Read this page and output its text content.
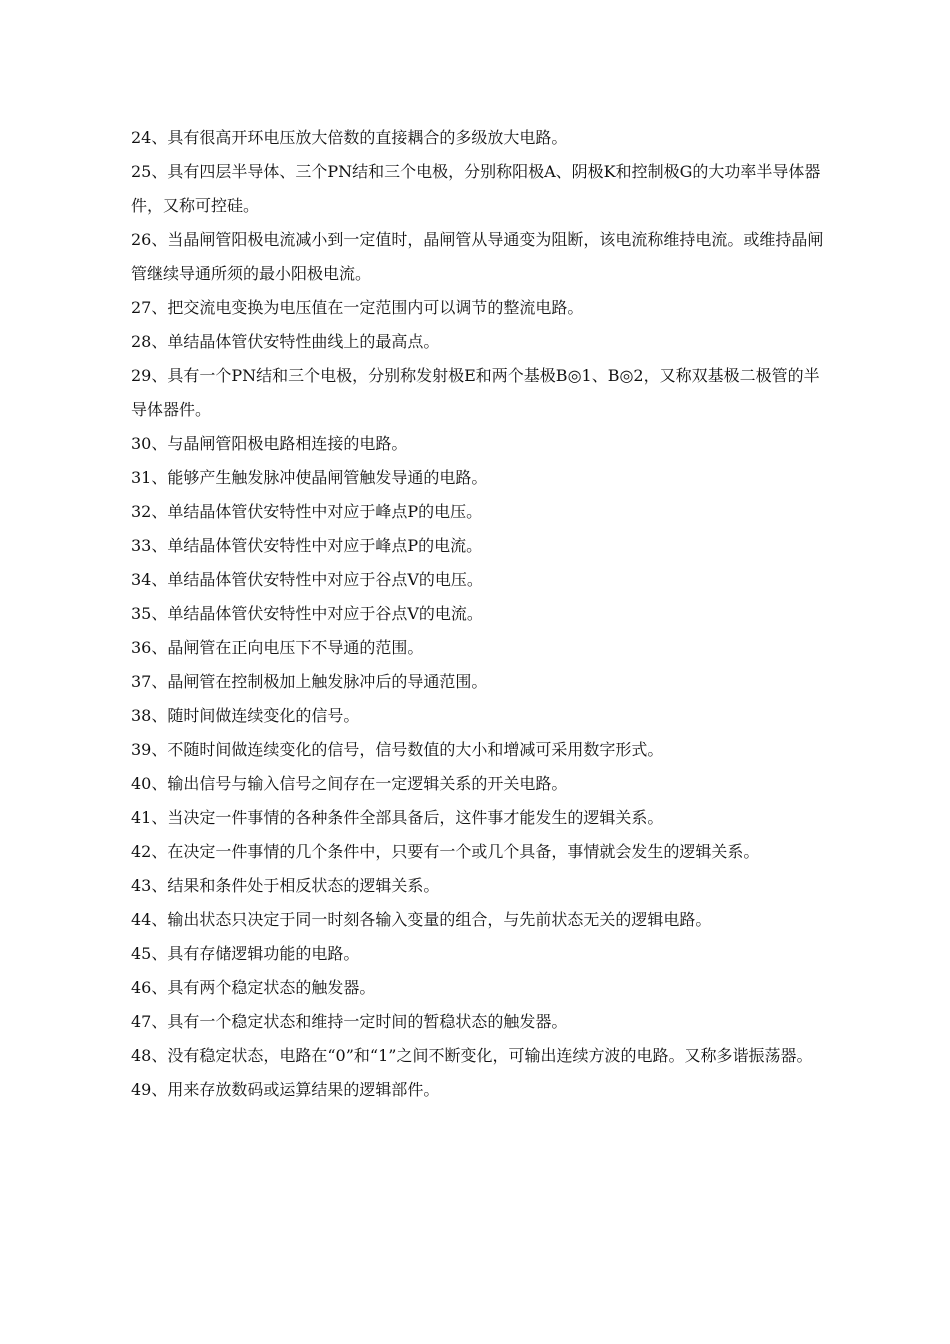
24、具有很高开环电压放大倍数的直接耦合的多级放大电路。

25、具有四层半导体、三个PN结和三个电极，分别称阳极A、阴极K和控制极G的大功率半导体器件，又称可控硅。

26、当晶闸管阳极电流减小到一定值时，晶闸管从导通变为阻断，该电流称维持电流。或维持晶闸管继续导通所须的最小阳极电流。

27、把交流电变换为电压值在一定范围内可以调节的整流电路。

28、单结晶体管伏安特性曲线上的最高点。

29、具有一个PN结和三个电极，分别称发射极E和两个基极B◎1、B◎2，又称双基极二极管的半导体器件。

30、与晶闸管阳极电路相连接的电路。

31、能够产生触发脉冲使晶闸管触发导通的电路。

32、单结晶体管伏安特性中对应于峰点P的电压。

33、单结晶体管伏安特性中对应于峰点P的电流。

34、单结晶体管伏安特性中对应于谷点V的电压。

35、单结晶体管伏安特性中对应于谷点V的电流。

36、晶闸管在正向电压下不导通的范围。

37、晶闸管在控制极加上触发脉冲后的导通范围。

38、随时间做连续变化的信号。

39、不随时间做连续变化的信号，信号数值的大小和增减可采用数字形式。

40、输出信号与输入信号之间存在一定逻辑关系的开关电路。

41、当决定一件事情的各种条件全部具备后，这件事才能发生的逻辑关系。

42、在决定一件事情的几个条件中，只要有一个或几个具备，事情就会发生的逻辑关系。

43、结果和条件处于相反状态的逻辑关系。

44、输出状态只决定于同一时刻各输入变量的组合，与先前状态无关的逻辑电路。

45、具有存储逻辑功能的电路。

46、具有两个稳定状态的触发器。

47、具有一个稳定状态和维持一定时间的暂稳状态的触发器。

48、没有稳定状态，电路在“0”和“1”之间不断变化，可输出连续方波的电路。又称多谐振荡器。

49、用来存放数码或运算结果的逻辑部件。
